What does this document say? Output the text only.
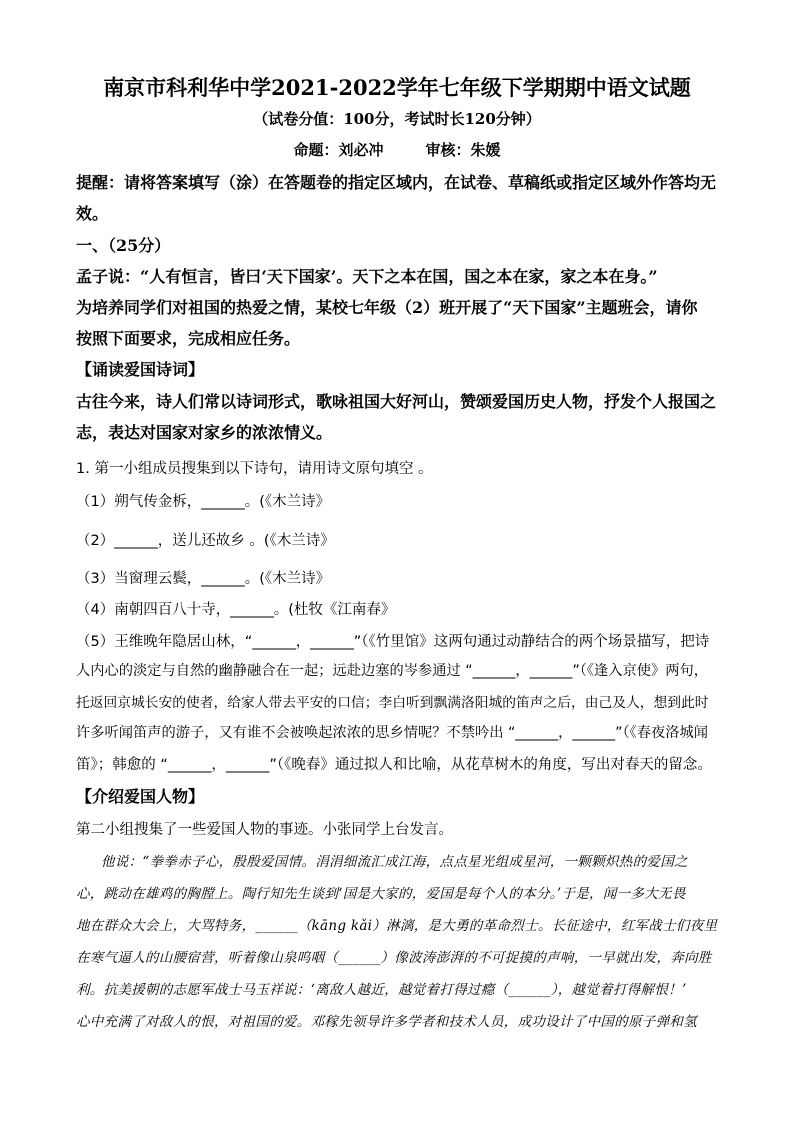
南京市科利华中学2021-2022学年七年级下学期期中语文试题
（试卷分值：100分，考试时长120分钟）
命题：刘必冲	审核：朱媛
提醒：请将答案填写（涂）在答题卷的指定区域内，在试卷、草稿纸或指定区域外作答均无
效。
一、（25分）
孟子说：“人有恒言，皆曰‘天下国家’。天下之本在国，国之本在家，家之本在身。”
为培养同学们对祖国的热爱之情，某校七年级（2）班开展了“天下国家”主题班会，请你
按照下面要求，完成相应任务。
【诵读爱国诗词】
古往今来，诗人们常以诗词形式，歌咏祖国大好河山，赞颂爱国历史人物，抒发个人报国之
志，表达对国家对家乡的浓浓情义。
1. 第一小组成员搜集到以下诗句，请用诗文原句填空 。
（1）朔气传金柝，______。(《木兰诗》
（2）______，送儿还故乡 。(《木兰诗》
（3）当窗理云鬓，______。(《木兰诗》
（4）南朝四百八十寺，______。(杜牧《江南春》
（5）王维晚年隐居山林，“______，______”（《竹里馆》这两句通过动静结合的两个场景描写，把诗
人内心的淡定与自然的幽静融合在一起；远赴边塞的岑参通过 “______，______”（《逢入京使》两句，
托返回京城长安的使者，给家人带去平安的口信；李白听到飘满洛阳城的笛声之后，由己及人，想到此时
许多听闻笛声的游子，又有谁不会被唤起浓浓的思乡情呢？不禁吟出 “______，______”（《春夜洛城闻
笛》；韩愈的 “______，______”（《晚春》通过拟人和比喻，从花草树木的角度，写出对春天的留念。
【介绍爱国人物】
第二小组搜集了一些爱国人物的事迹。小张同学上台发言。
他说：“拳拳赤子心，殷殷爱国情。涓涓细流汇成江海，点点星光组成星河，一颗颗炽热的爱国之
心，跳动在雄鸡的胸膛上。陶行知先生谈到‘国是大家的，爱国是每个人的本分。’于是，闻一多大无畏
地在群众大会上，大骂特务，______（kāng kǎi）淋漓，是大勇的革命烈士。长征途中，红军战士们夜里
在寒气逼人的山腰宿营，听着像山泉呜咽（______）像波涛澎湃的不可捉摸的声响，一早就出发，奔向胜
利。抗美援朝的志愿军战士马玉祥说：‘离敌人越近，越觉着打得过瘾（______），越觉着打得解恨！’
心中充满了对敌人的恨，对祖国的爱。邓稼先领导许多学者和技术人员，成功设计了中国的原子弹和氢
